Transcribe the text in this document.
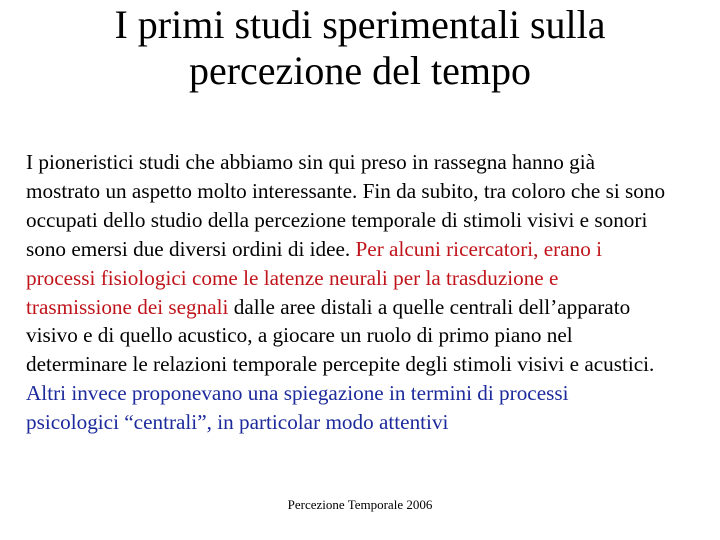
I primi studi sperimentali sulla
percezione del tempo
I pioneristici studi che abbiamo sin qui preso in rassegna hanno già mostrato un aspetto molto interessante. Fin da subito, tra coloro che si sono occupati dello studio della percezione temporale di stimoli visivi e sonori sono emersi due diversi ordini di idee. Per alcuni ricercatori, erano i processi fisiologici come le latenze neurali per la trasduzione e trasmissione dei segnali dalle aree distali a quelle centrali dell’apparato visivo e di quello acustico, a giocare un ruolo di primo piano nel determinare le relazioni temporale percepite degli stimoli visivi e acustici. Altri invece proponevano una spiegazione in termini di processi psicologici “centrali”, in particolar modo attentivi
Percezione Temporale 2006
